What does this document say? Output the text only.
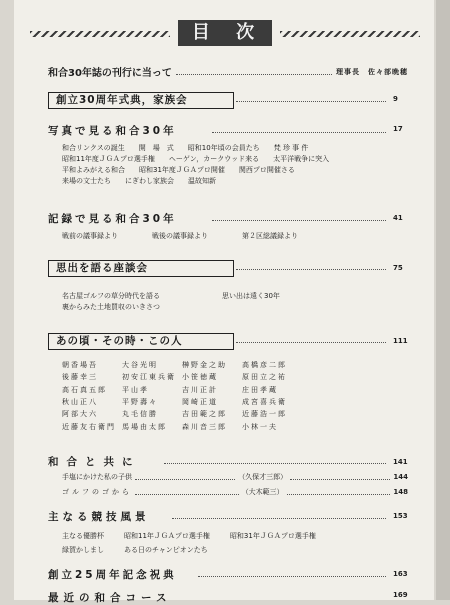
目 次
和合30年誌の刊行に当って	理事長　佐々部晩穂
創立30周年式典，家族会	9
写真で見る和合30年	17
和合リンクスの誕生 開　場　式 昭和10年頃の会員たち 梵 珍 事 件
昭和11年度ＪＧＡプロ選手権 ヘーゲン，カークウッド来る 太平洋戦争に突入
平和よみがえる和合 昭和31年度ＪＧＡプロ開催 関西プロ開催さる
来場の文士たち にぎわし家族会 温故知新
記録で見る和合30年	41
戦前の議事録より	戦後の議事録より	第２区総議録より
思出を語る座談会	75
名古屋ゴルフの草分時代を語る	思い出は遠く30年
裏からみた土地買収のいきさつ
あの頃・その時・この人	111
朝香場吾	大谷光明	榊野金之助	高橋彦二郎
後藤幸三	初安江東兵衛 小笹徳蔵	原田立之祐
高石真五郎	平山孝	吉川正計	庄田孝蔵
秋山正八	平野壽々	岡崎正道	成宮喜兵衛
阿部大六	丸毛信勝	吉田範之郎	近藤浩一郎
近藤友右衛門 馬場由太郎	森川音三郎	小林一夫
和合と共に	141
手塩にかけた私の子供	（久保才三郎）	144
ゴルフのゴから	（大木範三）	148
主なる競技風景	153
主なる優勝杯	昭和11年ＪＧＡプロ選手権	昭和31年ＪＧＡプロ選手権
緑賀かしまし	ある日のチャンピオンたち
創立25周年記念祝典	163
最近の和合コース	169
